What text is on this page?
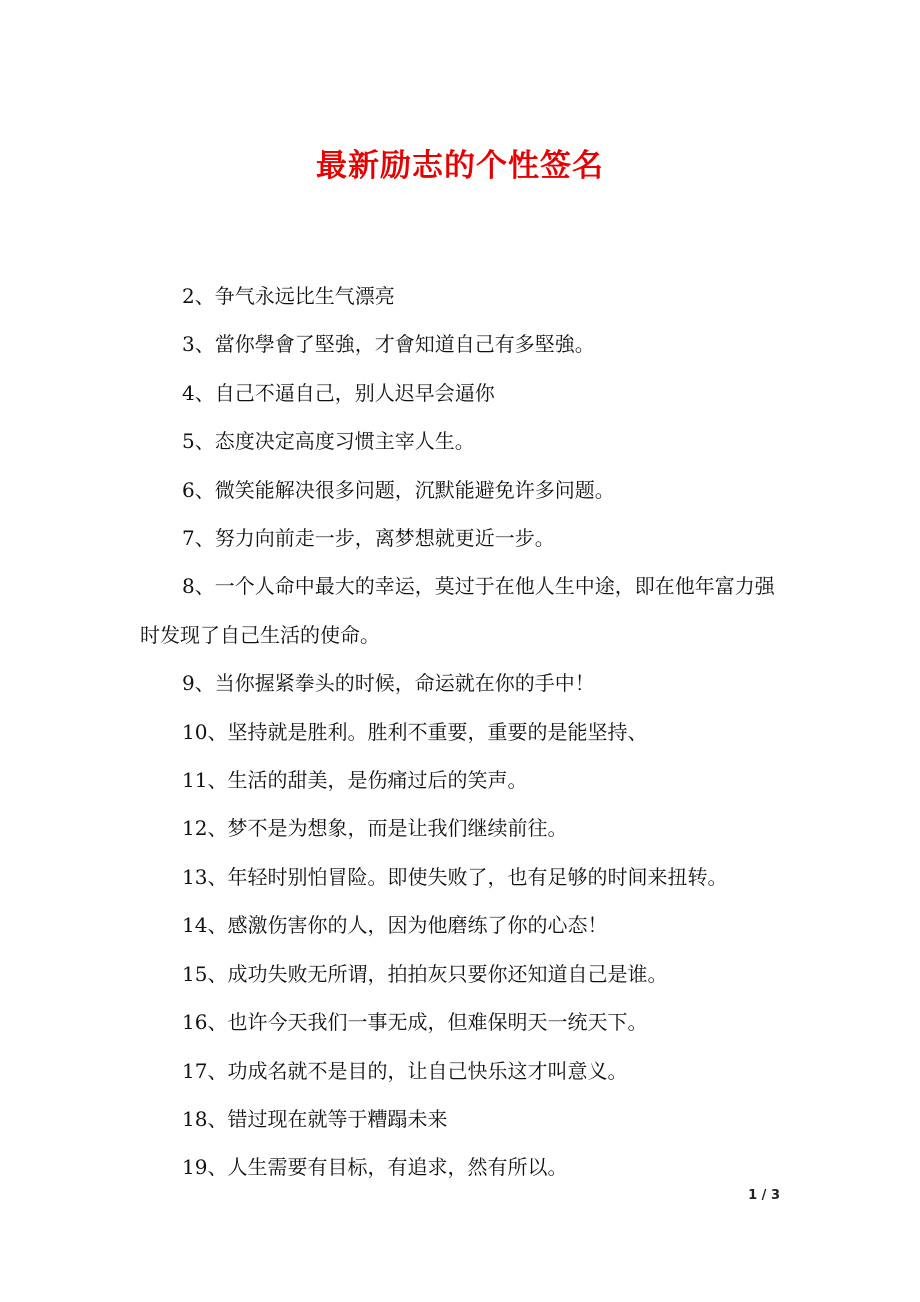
最新励志的个性签名

2、争气永远比生气漂亮

3、當你學會了堅強，才會知道自己有多堅強。

4、自己不逼自己，别人迟早会逼你

5、态度决定高度习惯主宰人生。

6、微笑能解决很多问题，沉默能避免许多问题。

7、努力向前走一步，离梦想就更近一步。

8、一个人命中最大的幸运，莫过于在他人生中途，即在他年富力强时发现了自己生活的使命。

9、当你握紧拳头的时候，命运就在你的手中！

10、坚持就是胜利。胜利不重要，重要的是能坚持、

11、生活的甜美，是伤痛过后的笑声。

12、梦不是为想象，而是让我们继续前往。

13、年轻时别怕冒险。即使失败了，也有足够的时间来扭转。

14、感激伤害你的人，因为他磨练了你的心态！

15、成功失败无所谓，拍拍灰只要你还知道自己是谁。

16、也许今天我们一事无成，但难保明天一统天下。

17、功成名就不是目的，让自己快乐这才叫意义。

18、错过现在就等于糟蹋未来

19、人生需要有目标，有追求，然有所以。

1 / 3
